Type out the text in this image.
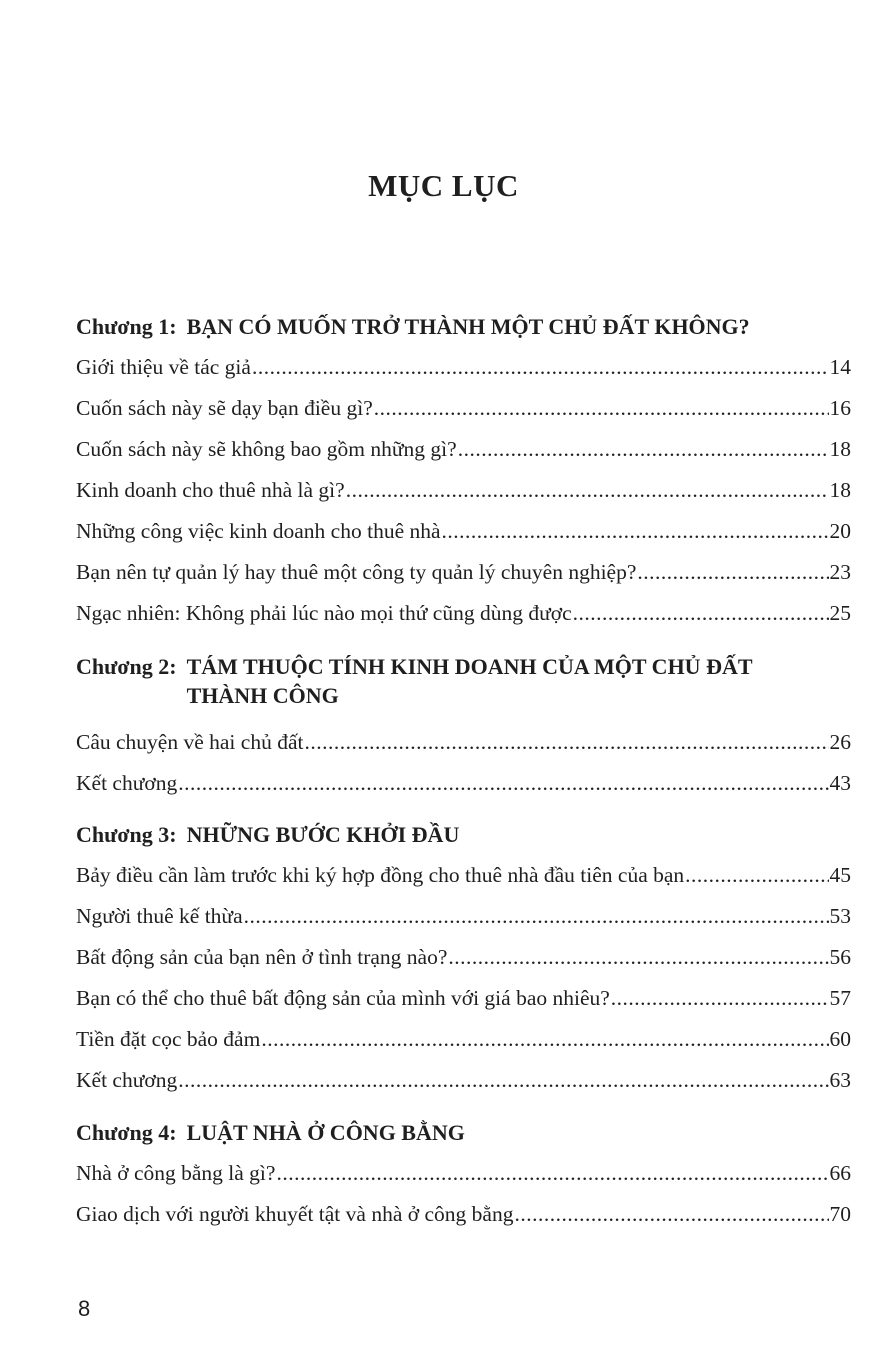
MỤC LỤC
Chương 1: BẠN CÓ MUỐN TRỞ THÀNH MỘT CHỦ ĐẤT KHÔNG?
Giới thiệu về tác giả .....	14
Cuốn sách này sẽ dạy bạn điều gì? .....	16
Cuốn sách này sẽ không bao gồm những gì? .....	18
Kinh doanh cho thuê nhà là gì? .....	18
Những công việc kinh doanh cho thuê nhà .....	20
Bạn nên tự quản lý hay thuê một công ty quản lý chuyên nghiệp? .....	23
Ngạc nhiên: Không phải lúc nào mọi thứ cũng dùng được .....	25
Chương 2: TÁM THUỘC TÍNH KINH DOANH CỦA MỘT CHỦ ĐẤT THÀNH CÔNG
Câu chuyện về hai chủ đất .....	26
Kết chương .....	43
Chương 3: NHỮNG BƯỚC KHỞI ĐẦU
Bảy điều cần làm trước khi ký hợp đồng cho thuê nhà đầu tiên của bạn .....	45
Người thuê kế thừa .....	53
Bất động sản của bạn nên ở tình trạng nào? .....	56
Bạn có thể cho thuê bất động sản của mình với giá bao nhiêu? .....	57
Tiền đặt cọc bảo đảm .....	60
Kết chương .....	63
Chương 4: LUẬT NHÀ Ở CÔNG BẰNG
Nhà ở công bằng là gì? .....	66
Giao dịch với người khuyết tật và nhà ở công bằng .....	70
8
